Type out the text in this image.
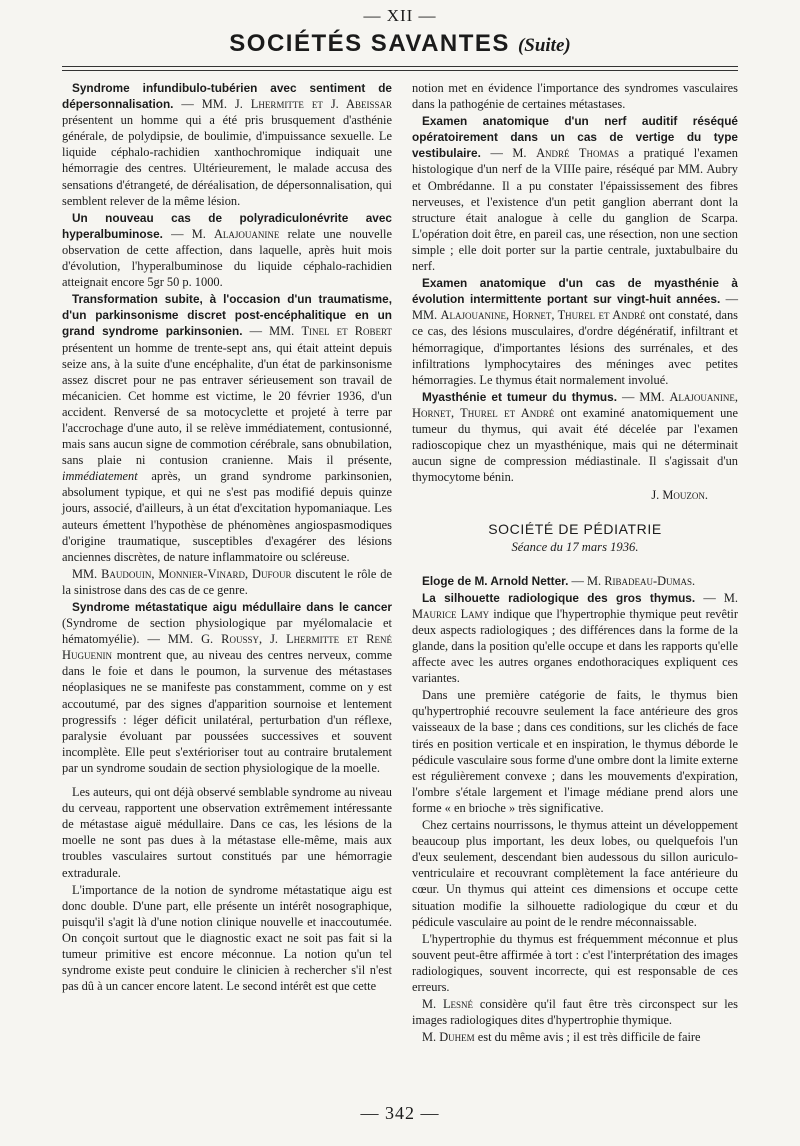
— XII —
SOCIÉTÉS SAVANTES (Suite)

Syndrome infundibulo-tubérien avec sentiment de dépersonnalisation. — MM. J. Lhermitte et J. Abeissar présentent un homme qui a été pris brusquement d'asthénie générale, de polydipsie, de boulimie, d'impuissance sexuelle. Le liquide céphalo-rachidien xanthochromique indiquait une hémorragie des centres. Ultérieurement, le malade accusa des sensations d'étrangeté, de déréalisation, de dépersonnalisation, qui semblent relever de la même lésion.

Un nouveau cas de polyradiculonévrite avec hyperalbuminose. — M. Alajouanine relate une nouvelle observation de cette affection, dans laquelle, après huit mois d'évolution, l'hyperalbuminose du liquide céphalo-rachidien atteignait encore 5gr 50 p. 1000.

Transformation subite, à l'occasion d'un traumatisme, d'un parkinsonisme discret post-encéphalitique en un grand syndrome parkinsonien. — MM. Tinel et Robert présentent un homme de trente-sept ans, qui était atteint depuis seize ans, à la suite d'une encéphalite, d'un état de parkinsonisme assez discret pour ne pas entraver sérieusement son travail de mécanicien. Cet homme est victime, le 20 février 1936, d'un accident. Renversé de sa motocyclette et projeté à terre par l'accrochage d'une auto, il se relève immédiatement, contusionné, mais sans aucun signe de commotion cérébrale, sans obnubilation, sans plaie ni contusion cranienne. Mais il présente, immédiatement après, un grand syndrome parkinsonien, absolument typique, et qui ne s'est pas modifié depuis quinze jours, associé, d'ailleurs, à un état d'excitation hypomaniaque. Les auteurs émettent l'hypothèse de phénomènes angiospasmodiques d'origine traumatique, susceptibles d'exagérer des lésions anciennes discrètes, de nature inflammatoire ou scléreuse.

MM. Baudouin, Monnier-Vinard, Dufour discutent le rôle de la sinistrose dans des cas de ce genre.

Syndrome métastatique aigu médullaire dans le cancer (Syndrome de section physiologique par myélomalacie et hématomyélie). — MM. G. Roussy, J. Lhermitte et René Huguenin montrent que, au niveau des centres nerveux, comme dans le foie et dans le poumon, la survenue des métastases néoplasiques ne se manifeste pas constamment, comme on y est accoutumé, par des signes d'apparition sournoise et lentement progressifs : léger déficit unilatéral, perturbation d'un réflexe, paralysie évoluant par poussées successives et souvent incomplète. Elle peut s'extérioriser tout au contraire brutalement par un syndrome soudain de section physiologique de la moelle.

Les auteurs, qui ont déjà observé semblable syndrome au niveau du cerveau, rapportent une observation extrêmement intéressante de métastase aiguë médullaire. Dans ce cas, les lésions de la moelle ne sont pas dues à la métastase elle-même, mais aux troubles vasculaires surtout constitués par une hémorragie extradurale.

L'importance de la notion de syndrome métastatique aigu est donc double. D'une part, elle présente un intérêt nosographique, puisqu'il s'agit là d'une notion clinique nouvelle et inaccoutumée. On conçoit surtout que le diagnostic exact ne soit pas fait si la tumeur primitive est encore méconnue. La notion qu'un tel syndrome existe peut conduire le clinicien à rechercher s'il n'est pas dû à un cancer encore latent. Le second intérêt est que cette

notion met en évidence l'importance des syndromes vasculaires dans la pathogénie de certaines métastases.

Examen anatomique d'un nerf auditif réséqué opératoirement dans un cas de vertige du type vestibulaire. — M. André Thomas a pratiqué l'examen histologique d'un nerf de la VIIIe paire, réséqué par MM. Aubry et Ombrédanne. Il a pu constater l'épaississement des fibres nerveuses, et l'existence d'un petit ganglion aberrant dont la structure était analogue à celle du ganglion de Scarpa. L'opération doit être, en pareil cas, une résection, non une section simple ; elle doit porter sur la partie centrale, juxtabulbaire du nerf.

Examen anatomique d'un cas de myasthénie à évolution intermittente portant sur vingt-huit années. — MM. Alajouanine, Hornet, Thurel et André ont constaté, dans ce cas, des lésions musculaires, d'ordre dégénératif, infiltrant et hémorragique, d'importantes lésions des surrénales, et des infiltrations lymphocytaires des méninges avec petites hémorragies. Le thymus était normalement involué.

Myasthénie et tumeur du thymus. — MM. Alajouanine, Hornet, Thurel et André ont examiné anatomiquement une tumeur du thymus, qui avait été décelée par l'examen radioscopique chez un myasthénique, mais qui ne déterminait aucun signe de compression médiastinale. Il s'agissait d'un thymocytome bénin.

J. Mouzon.

SOCIÉTÉ DE PÉDIATRIE
Séance du 17 mars 1936.

Eloge de M. Arnold Netter. — M. Ribadeau-Dumas.

La silhouette radiologique des gros thymus. — M. Maurice Lamy indique que l'hypertrophie thymique peut revêtir deux aspects radiologiques ; des différences dans la forme de la glande, dans la position qu'elle occupe et dans les rapports qu'elle affecte avec les autres organes endothoraciques expliquent ces variantes.

Dans une première catégorie de faits, le thymus bien qu'hypertrophié recouvre seulement la face antérieure des gros vaisseaux de la base ; dans ces conditions, sur les clichés de face tirés en position verticale et en inspiration, le thymus déborde le pédicule vasculaire sous forme d'une ombre dont la limite externe est régulièrement convexe ; dans les mouvements d'expiration, l'ombre s'étale largement et l'image médiane prend alors une forme « en brioche » très significative.

Chez certains nourrissons, le thymus atteint un développement beaucoup plus important, les deux lobes, ou quelquefois l'un d'eux seulement, descendant bien audessous du sillon auriculo-ventriculaire et recouvrant complètement la face antérieure du cœur. Un thymus qui atteint ces dimensions et occupe cette situation modifie la silhouette radiologique du cœur et du pédicule vasculaire au point de le rendre méconnaissable.

L'hypertrophie du thymus est fréquemment méconnue et plus souvent peut-être affirmée à tort : c'est l'interprétation des images radiologiques, souvent incorrecte, qui est responsable de ces erreurs.

M. Lesné considère qu'il faut être très circonspect sur les images radiologiques dites d'hypertrophie thymique.

M. Duhem est du même avis ; il est très difficile de faire

— 342 —
